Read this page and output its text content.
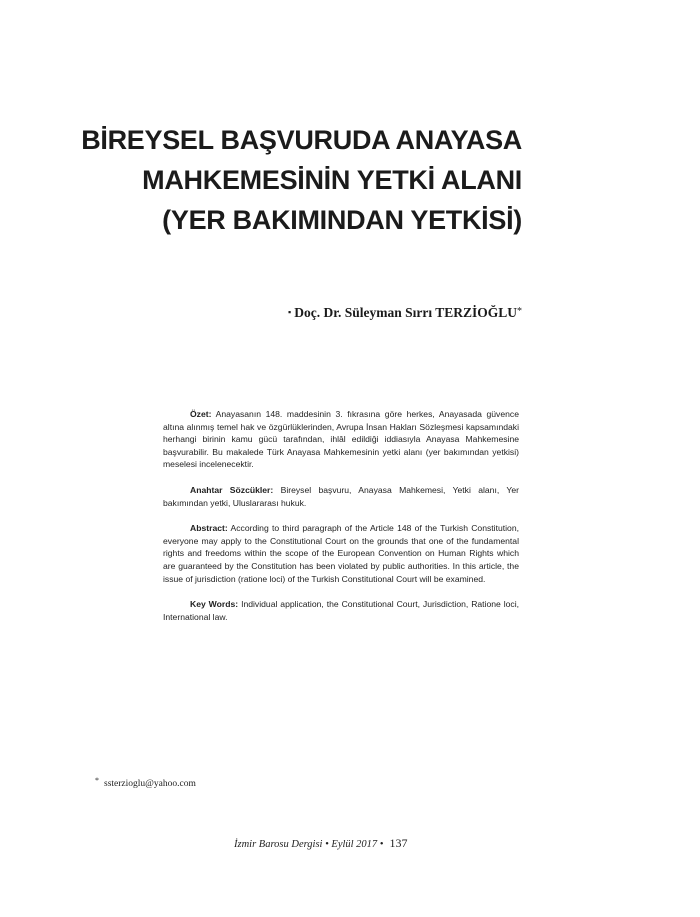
BİREYSEL BAŞVURUDA ANAYASA
MAHKEMESİNİN YETKİ ALANI
(YER BAKIMINDAN YETKİSİ)
▪ Doç. Dr. Süleyman Sırrı TERZİOĞLU*

Özet: Anayasanın 148. maddesinin 3. fıkrasına göre herkes, Anayasada güvence altına alınmış temel hak ve özgürlüklerinden, Avrupa İnsan Hakları Sözleşmesi kapsamındaki herhangi birinin kamu gücü tarafından, ihlâl edildiği iddiasıyla Anayasa Mahkemesine başvurabilir. Bu makalede Türk Anayasa Mahkemesinin yetki alanı (yer bakımından yetkisi) meselesi incelenecektir.

Anahtar Sözcükler: Bireysel başvuru, Anayasa Mahkemesi, Yetki alanı, Yer bakımından yetki, Uluslararası hukuk.

Abstract: According to third paragraph of the Article 148 of the Turkish Constitution, everyone may apply to the Constitutional Court on the grounds that one of the fundamental rights and freedoms within the scope of the European Convention on Human Rights which are guaranteed by the Constitution has been violated by public authorities. In this article, the issue of jurisdiction (ratione loci) of the Turkish Constitutional Court will be examined.

Key Words: Individual application, the Constitutional Court, Jurisdiction, Ratione loci, International law.

* ssterzioglu@yahoo.com
İzmir Barosu Dergisi • Eylül 2017 • 137
